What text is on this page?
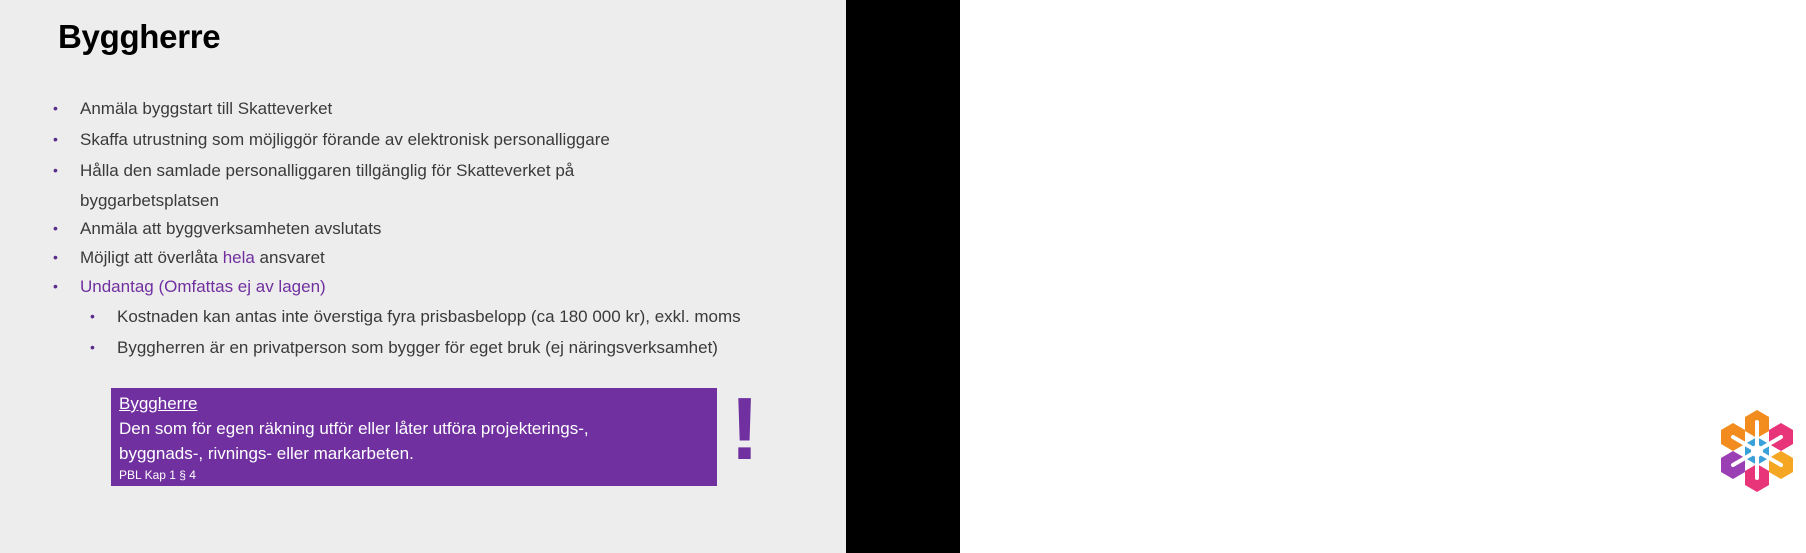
Byggherre
• Anmäla byggstart till Skatteverket
• Skaffa utrustning som möjliggör förande av elektronisk personalliggare
• Hålla den samlade personalliggaren tillgänglig för Skatteverket på
byggarbetsplatsen
• Anmäla att byggverksamheten avslutats
• Möjligt att överlåta hela ansvaret
• Undantag (Omfattas ej av lagen)
• Kostnaden kan antas inte överstiga fyra prisbasbelopp (ca 180 000 kr), exkl. moms
• Byggherren är en privatperson som bygger för eget bruk (ej näringsverksamhet)
Byggherre
Den som för egen räkning utför eller låter utföra projekterings-,
byggnads-, rivnings- eller markarbeten.
PBL Kap 1 § 4	!
BYGGBRANSCHEN
I SAMVERKAN
